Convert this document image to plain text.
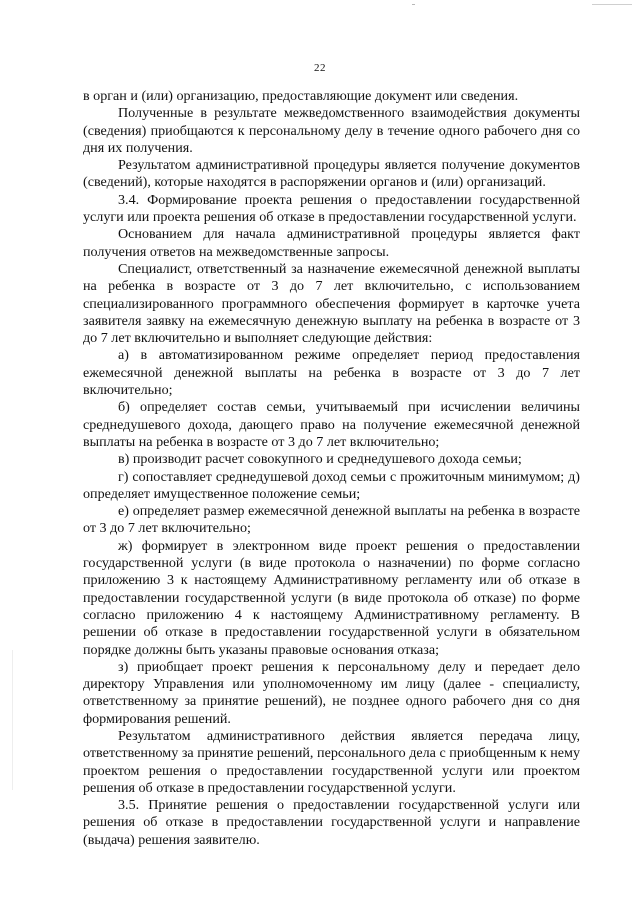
22

в орган и (или) организацию, предоставляющие документ или сведения.

Полученные в результате межведомственного взаимодействия документы (сведения) приобщаются к персональному делу в течение одного рабочего дня со дня их получения.

Результатом административной процедуры является получение документов (сведений), которые находятся в распоряжении органов и (или) организаций.

3.4. Формирование проекта решения о предоставлении государственной услуги или проекта решения об отказе в предоставлении государственной услуги.

Основанием для начала административной процедуры является факт получения ответов на межведомственные запросы.

Специалист, ответственный за назначение ежемесячной денежной выплаты на ребенка в возрасте от 3 до 7 лет включительно, с использованием специализированного программного обеспечения формирует в карточке учета заявителя заявку на ежемесячную денежную выплату на ребенка в возрасте от 3 до 7 лет включительно и выполняет следующие действия:

а) в автоматизированном режиме определяет период предоставления ежемесячной денежной выплаты на ребенка в возрасте от 3 до 7 лет включительно;

б) определяет состав семьи, учитываемый при исчислении величины среднедушевого дохода, дающего право на получение ежемесячной денежной выплаты на ребенка в возрасте от 3 до 7 лет включительно;

в) производит расчет совокупного и среднедушевого дохода семьи;

г) сопоставляет среднедушевой доход семьи с прожиточным минимумом; д) определяет имущественное положение семьи;

е) определяет размер ежемесячной денежной выплаты на ребенка в возрасте от 3 до 7 лет включительно;

ж) формирует в электронном виде проект решения о предоставлении государственной услуги (в виде протокола о назначении) по форме согласно приложению 3 к настоящему Административному регламенту или об отказе в предоставлении государственной услуги (в виде протокола об отказе) по форме согласно приложению 4 к настоящему Административному регламенту. В решении об отказе в предоставлении государственной услуги в обязательном порядке должны быть указаны правовые основания отказа;

з) приобщает проект решения к персональному делу и передает дело директору Управления или уполномоченному им лицу (далее - специалисту, ответственному за принятие решений), не позднее одного рабочего дня со дня формирования решений.

Результатом административного действия является передача лицу, ответственному за принятие решений, персонального дела с приобщенным к нему проектом решения о предоставлении государственной услуги или проектом решения об отказе в предоставлении государственной услуги.

3.5. Принятие решения о предоставлении государственной услуги или решения об отказе в предоставлении государственной услуги и направление (выдача) решения заявителю.
